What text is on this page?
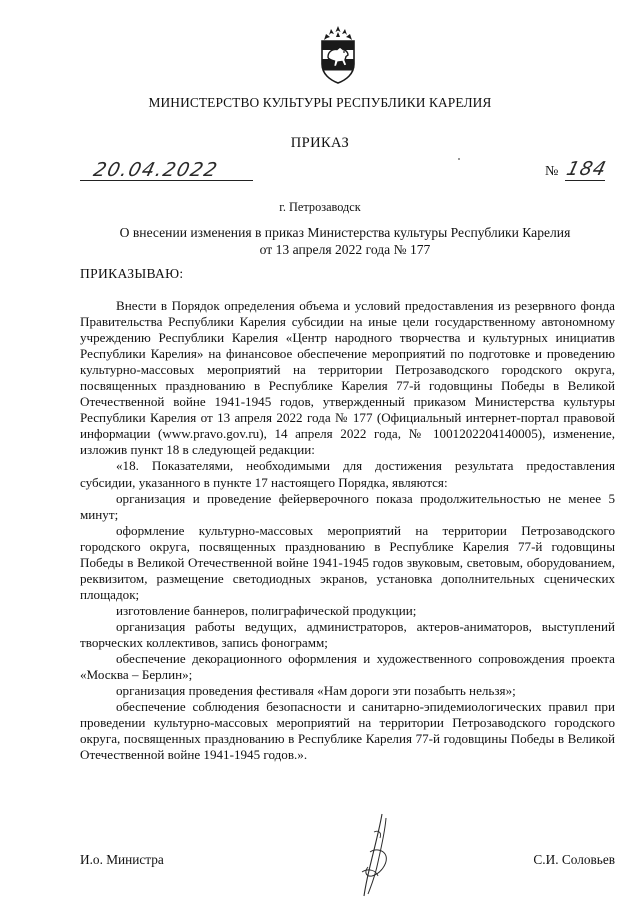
МИНИСТЕРСТВО КУЛЬТУРЫ РЕСПУБЛИКИ КАРЕЛИЯ
ПРИКАЗ
20.04.2022	№ 184
г. Петрозаводск
О внесении изменения в приказ Министерства культуры Республики Карелия
от 13 апреля 2022 года № 177
ПРИКАЗЫВАЮ:

Внести в Порядок определения объема и условий предоставления из резервного фонда Правительства Республики Карелия субсидии на иные цели государственному автономному учреждению Республики Карелия «Центр народного творчества и культурных инициатив Республики Карелия» на финансовое обеспечение мероприятий по подготовке и проведению культурно-массовых мероприятий на территории Петрозаводского городского округа, посвященных празднованию в Республике Карелия 77-й годовщины Победы в Великой Отечественной войне 1941-1945 годов, утвержденный приказом Министерства культуры Республики Карелия от 13 апреля 2022 года № 177 (Официальный интернет-портал правовой информации (www.pravo.gov.ru), 14 апреля 2022 года, № 1001202204140005), изменение, изложив пункт 18 в следующей редакции:

«18. Показателями, необходимыми для достижения результата предоставления субсидии, указанного в пункте 17 настоящего Порядка, являются:

организация и проведение фейерверочного показа продолжительностью не менее 5 минут;

оформление культурно-массовых мероприятий на территории Петрозаводского городского округа, посвященных празднованию в Республике Карелия 77-й годовщины Победы в Великой Отечественной войне 1941-1945 годов звуковым, световым, оборудованием, реквизитом, размещение светодиодных экранов, установка дополнительных сценических площадок;

изготовление баннеров, полиграфической продукции;

организация работы ведущих, администраторов, актеров-аниматоров, выступлений творческих коллективов, запись фонограмм;

обеспечение декорационного оформления и художественного сопровождения проекта «Москва – Берлин»;

организация проведения фестиваля «Нам дороги эти позабыть нельзя»;

обеспечение соблюдения безопасности и санитарно-эпидемиологических правил при проведении культурно-массовых мероприятий на территории Петрозаводского городского округа, посвященных празднованию в Республике Карелия 77-й годовщины Победы в Великой Отечественной войне 1941-1945 годов.».

И.о. Министра	С.И. Соловьев
